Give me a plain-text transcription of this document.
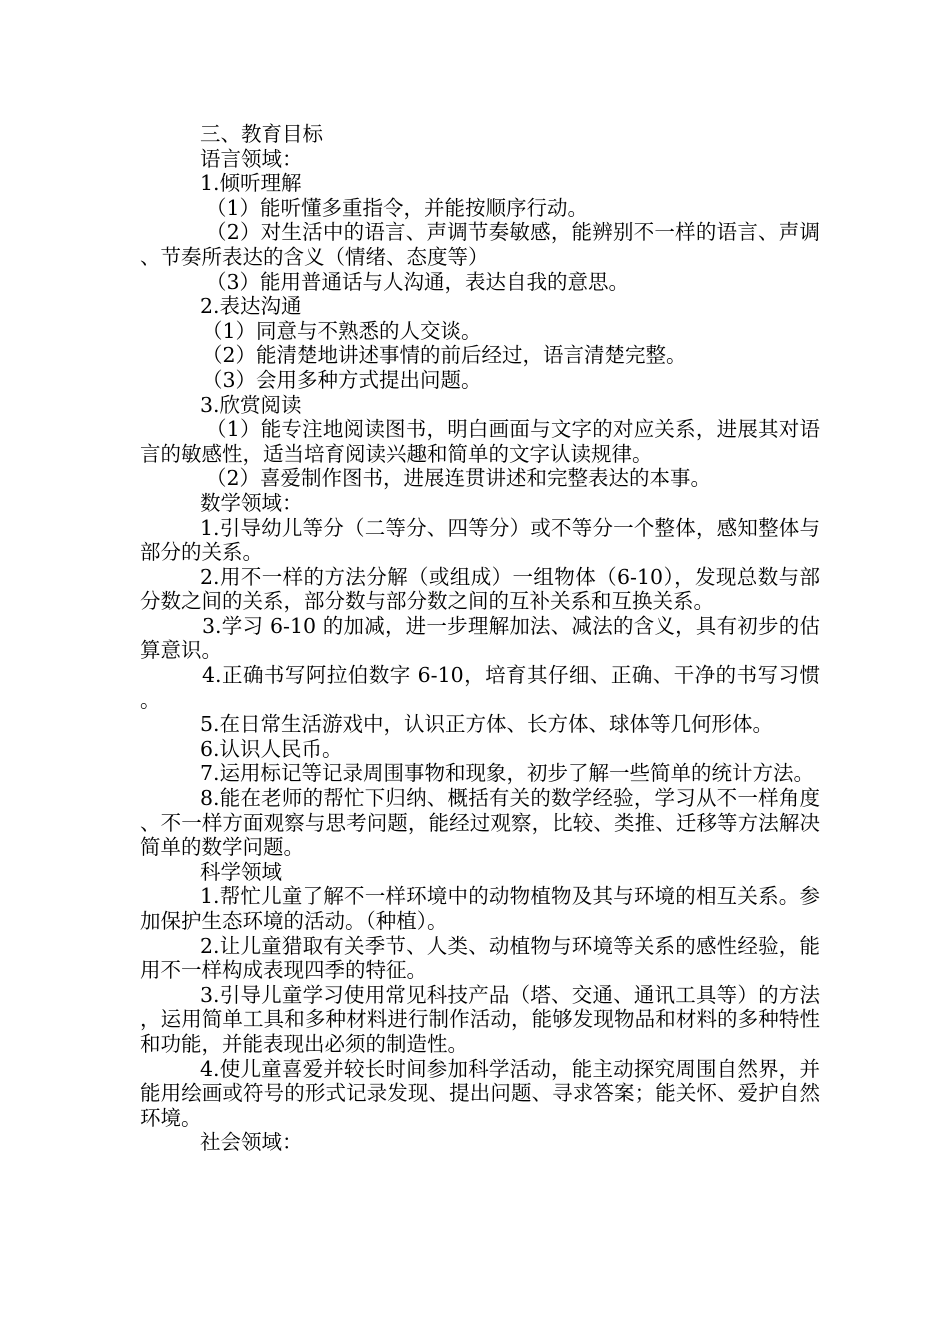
三、教育目标

语言领域：

1.倾听理解

（1）能听懂多重指令，并能按顺序行动。

（2）对生活中的语言、声调节奏敏感，能辨别不一样的语言、声调、节奏所表达的含义（情绪、态度等）

（3）能用普通话与人沟通，表达自我的意思。

2.表达沟通

（1）同意与不熟悉的人交谈。

（2）能清楚地讲述事情的前后经过，语言清楚完整。

（3）会用多种方式提出问题。

3.欣赏阅读

（1）能专注地阅读图书，明白画面与文字的对应关系，进展其对语言的敏感性，适当培育阅读兴趣和简单的文字认读规律。

（2）喜爱制作图书，进展连贯讲述和完整表达的本事。

数学领域：

1.引导幼儿等分（二等分、四等分）或不等分一个整体，感知整体与部分的关系。

2.用不一样的方法分解（或组成）一组物体（6-10），发现总数与部分数之间的关系，部分数与部分数之间的互补关系和互换关系。

3.学习 6-10 的加减，进一步理解加法、减法的含义，具有初步的估算意识。

4.正确书写阿拉伯数字 6-10，培育其仔细、正确、干净的书写习惯。

5.在日常生活游戏中，认识正方体、长方体、球体等几何形体。

6.认识人民币。

7.运用标记等记录周围事物和现象，初步了解一些简单的统计方法。

8.能在老师的帮忙下归纳、概括有关的数学经验，学习从不一样角度、不一样方面观察与思考问题，能经过观察，比较、类推、迁移等方法解决简单的数学问题。

科学领域

1.帮忙儿童了解不一样环境中的动物植物及其与环境的相互关系。参加保护生态环境的活动。（种植）。

2.让儿童猎取有关季节、人类、动植物与环境等关系的感性经验，能用不一样构成表现四季的特征。

3.引导儿童学习使用常见科技产品（塔、交通、通讯工具等）的方法，运用简单工具和多种材料进行制作活动，能够发现物品和材料的多种特性和功能，并能表现出必须的制造性。

4.使儿童喜爱并较长时间参加科学活动，能主动探究周围自然界，并能用绘画或符号的形式记录发现、提出问题、寻求答案；能关怀、爱护自然环境。

社会领域：
